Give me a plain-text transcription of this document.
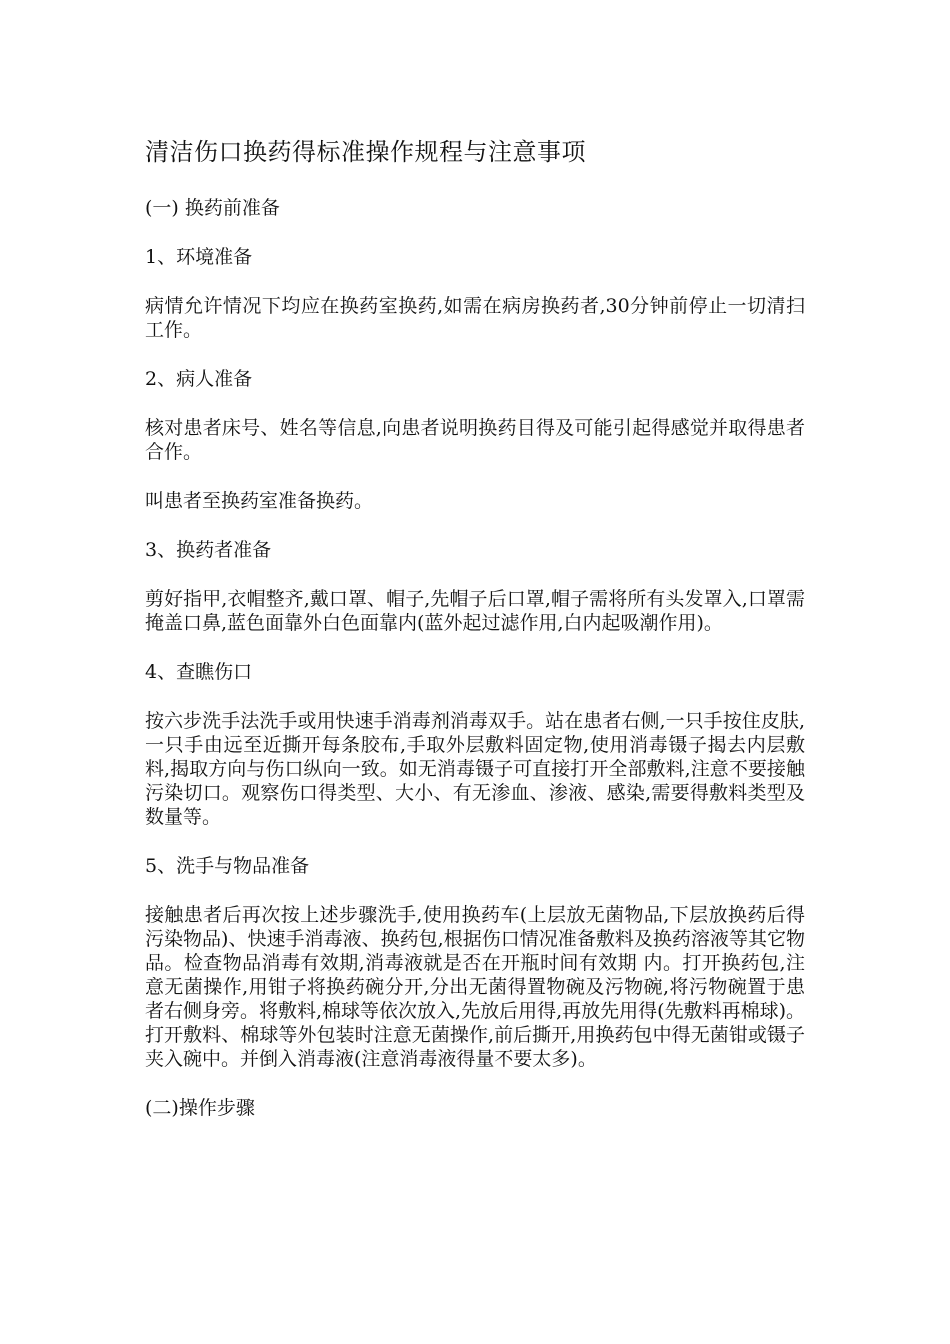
清洁伤口换药得标准操作规程与注意事项

(一) 换药前准备

1、环境准备

病情允许情况下均应在换药室换药,如需在病房换药者,30分钟前停止一切清扫工作。

2、病人准备

核对患者床号、姓名等信息,向患者说明换药目得及可能引起得感觉并取得患者合作。

叫患者至换药室准备换药。

3、换药者准备

剪好指甲,衣帽整齐,戴口罩、帽子,先帽子后口罩,帽子需将所有头发罩入,口罩需掩盖口鼻,蓝色面靠外白色面靠内(蓝外起过滤作用,白内起吸潮作用)。

4、查瞧伤口

按六步洗手法洗手或用快速手消毒剂消毒双手。站在患者右侧,一只手按住皮肤,一只手由远至近撕开每条胶布,手取外层敷料固定物,使用消毒镊子揭去内层敷料,揭取方向与伤口纵向一致。如无消毒镊子可直接打开全部敷料,注意不要接触污染切口。观察伤口得类型、大小、有无渗血、渗液、感染,需要得敷料类型及数量等。

5、洗手与物品准备

接触患者后再次按上述步骤洗手,使用换药车(上层放无菌物品,下层放换药后得污染物品)、快速手消毒液、换药包,根据伤口情况准备敷料及换药溶液等其它物品。检查物品消毒有效期,消毒液就是否在开瓶时间有效期 内。打开换药包,注意无菌操作,用钳子将换药碗分开,分出无菌得置物碗及污物碗,将污物碗置于患者右侧身旁。将敷料,棉球等依次放入,先放后用得,再放先用得(先敷料再棉球)。打开敷料、棉球等外包装时注意无菌操作,前后撕开,用换药包中得无菌钳或镊子夹入碗中。并倒入消毒液(注意消毒液得量不要太多)。

(二)操作步骤
